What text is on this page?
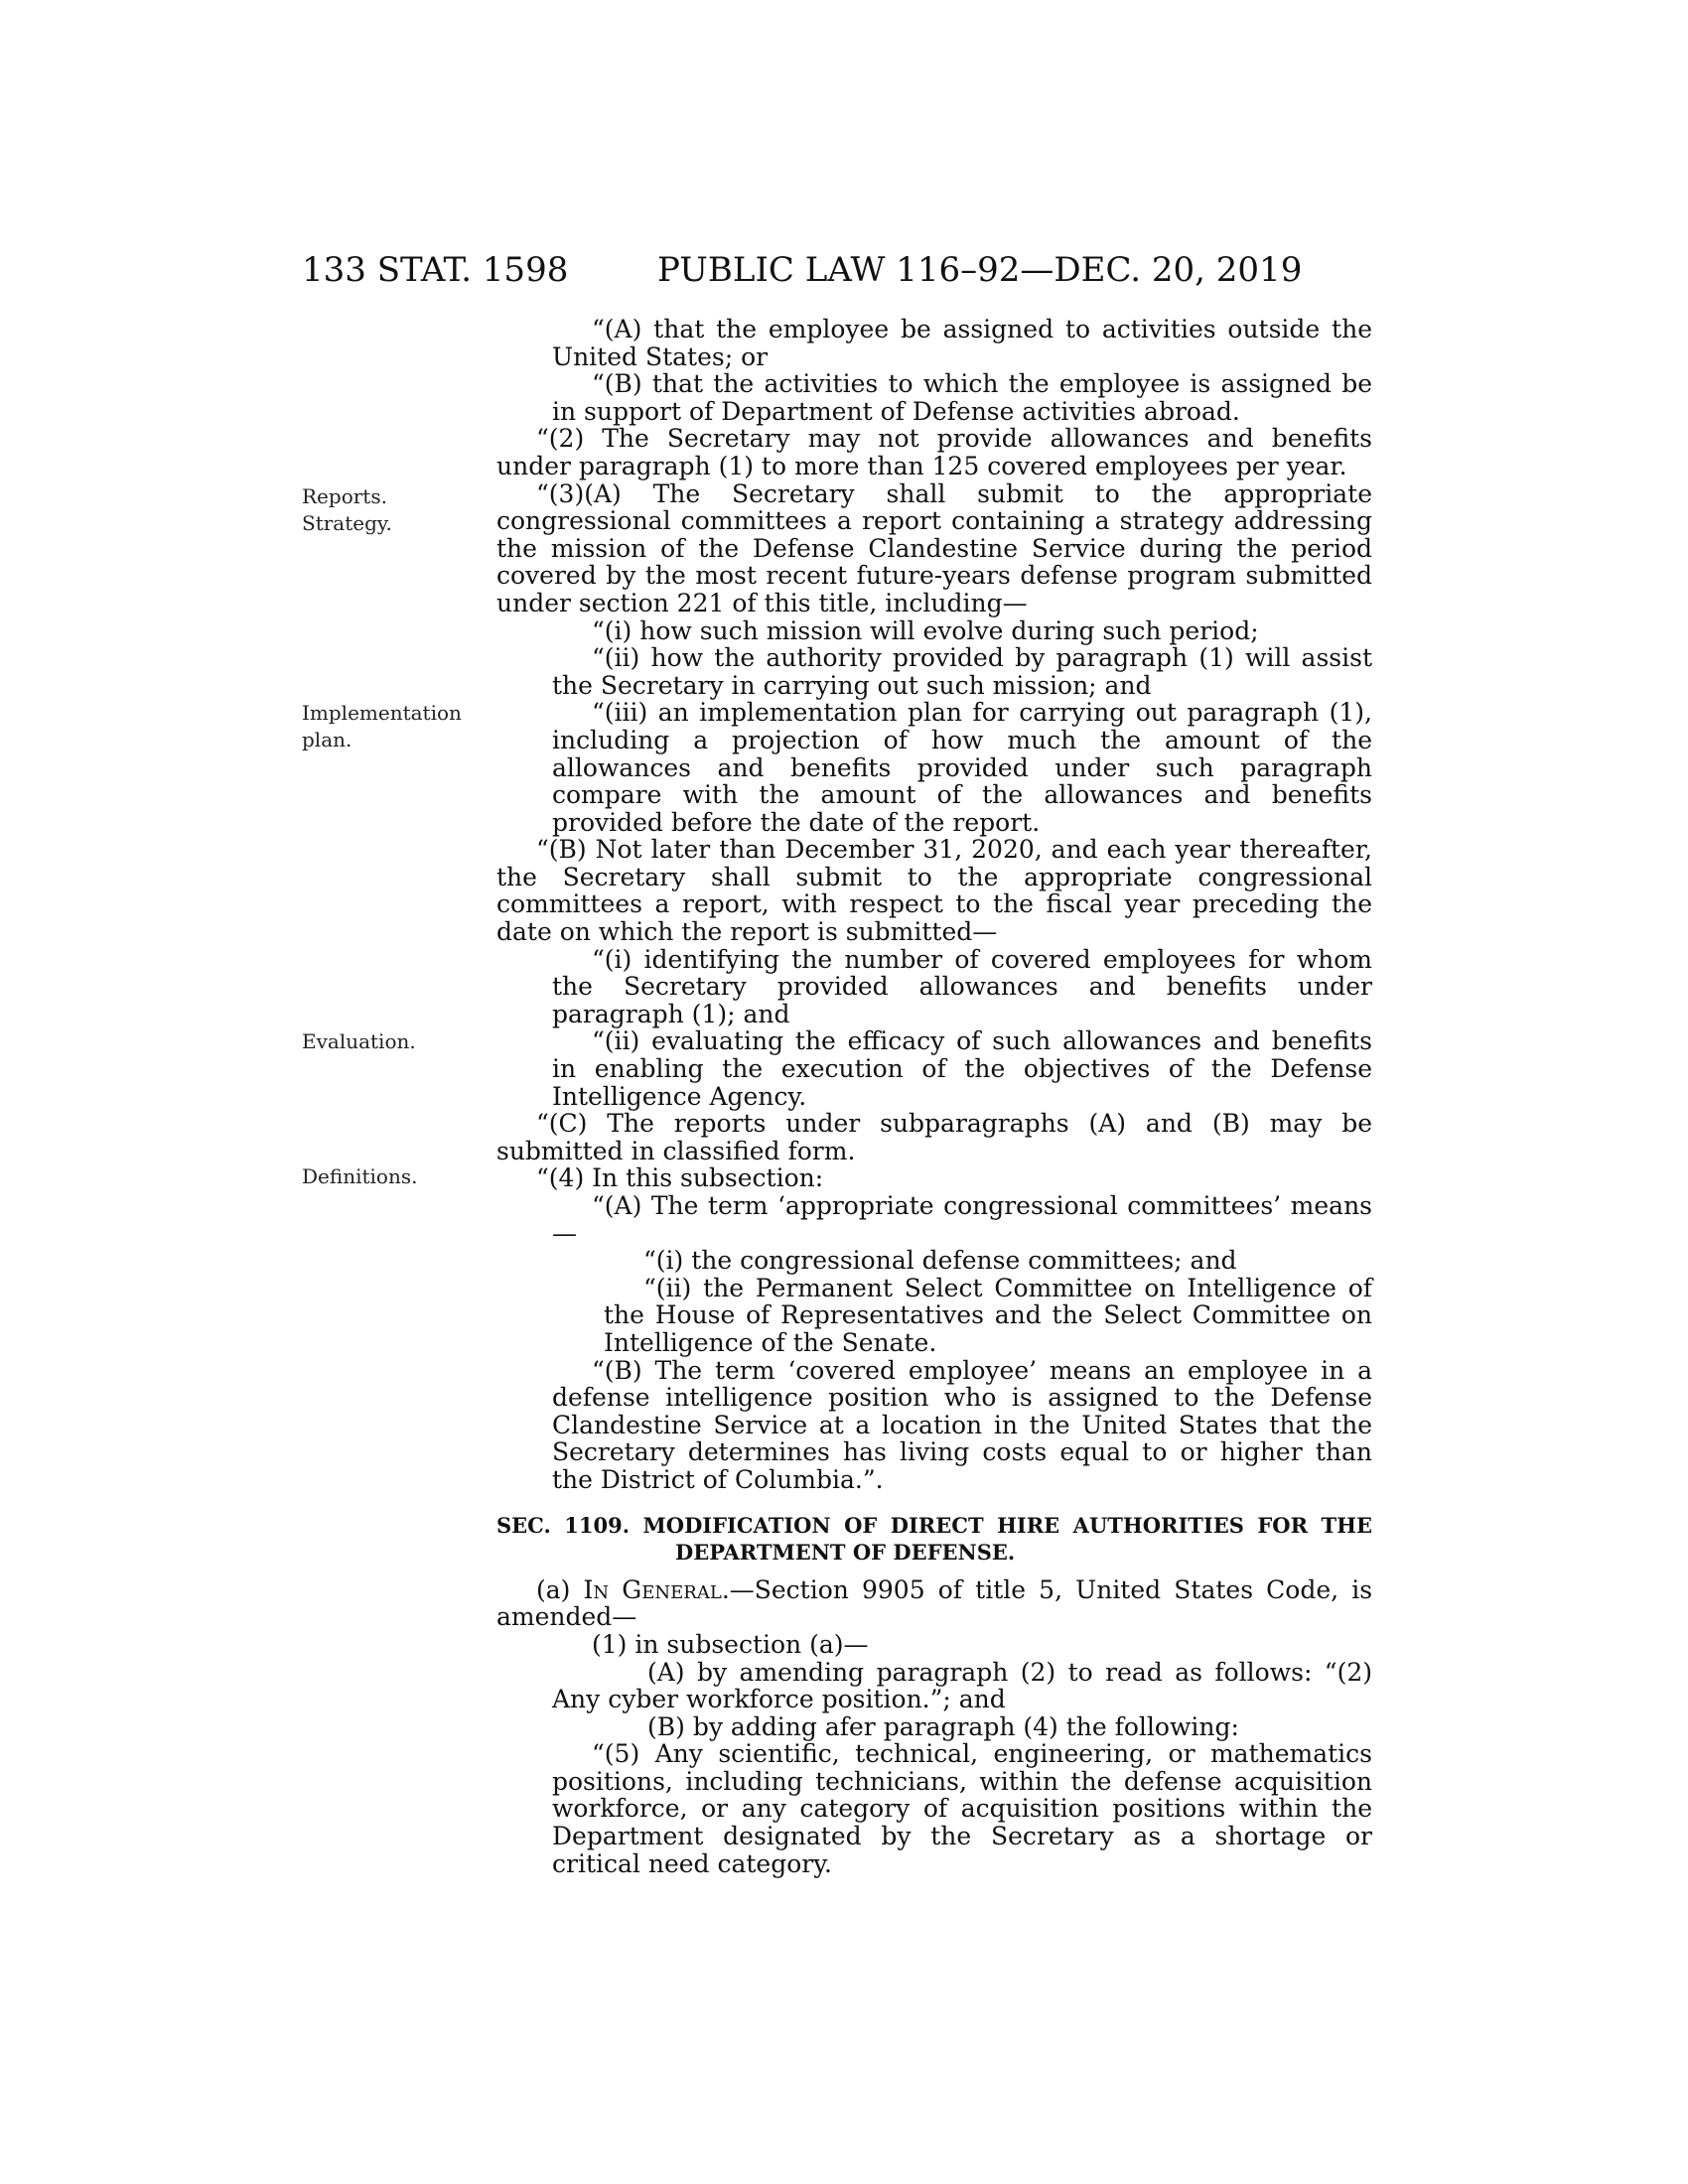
133 STAT. 1598	PUBLIC LAW 116–92—DEC. 20, 2019
Reports.
Strategy.
Implementation plan.
Evaluation.
Definitions.

“(A) that the employee be assigned to activities outside the United States; or

“(B) that the activities to which the employee is assigned be in support of Department of Defense activities abroad.

“(2) The Secretary may not provide allowances and benefits under paragraph (1) to more than 125 covered employees per year.

“(3)(A) The Secretary shall submit to the appropriate congressional committees a report containing a strategy addressing the mission of the Defense Clandestine Service during the period covered by the most recent future-years defense program submitted under section 221 of this title, including—

“(i) how such mission will evolve during such period;

“(ii) how the authority provided by paragraph (1) will assist the Secretary in carrying out such mission; and

“(iii) an implementation plan for carrying out paragraph (1), including a projection of how much the amount of the allowances and benefits provided under such paragraph compare with the amount of the allowances and benefits provided before the date of the report.

“(B) Not later than December 31, 2020, and each year thereafter, the Secretary shall submit to the appropriate congressional committees a report, with respect to the fiscal year preceding the date on which the report is submitted—

“(i) identifying the number of covered employees for whom the Secretary provided allowances and benefits under paragraph (1); and

“(ii) evaluating the efficacy of such allowances and benefits in enabling the execution of the objectives of the Defense Intelligence Agency.

“(C) The reports under subparagraphs (A) and (B) may be submitted in classified form.

“(4) In this subsection:

“(A) The term ‘appropriate congressional committees’ means—

“(i) the congressional defense committees; and

“(ii) the Permanent Select Committee on Intelligence of the House of Representatives and the Select Committee on Intelligence of the Senate.

“(B) The term ‘covered employee’ means an employee in a defense intelligence position who is assigned to the Defense Clandestine Service at a location in the United States that the Secretary determines has living costs equal to or higher than the District of Columbia.”.

SEC. 1109. MODIFICATION OF DIRECT HIRE AUTHORITIES FOR THE DEPARTMENT OF DEFENSE.

(a) In General.—Section 9905 of title 5, United States Code, is amended—

(1) in subsection (a)—

(A) by amending paragraph (2) to read as follows: “(2) Any cyber workforce position.”; and

(B) by adding afer paragraph (4) the following:

“(5) Any scientific, technical, engineering, or mathematics positions, including technicians, within the defense acquisition workforce, or any category of acquisition positions within the Department designated by the Secretary as a shortage or critical need category.
